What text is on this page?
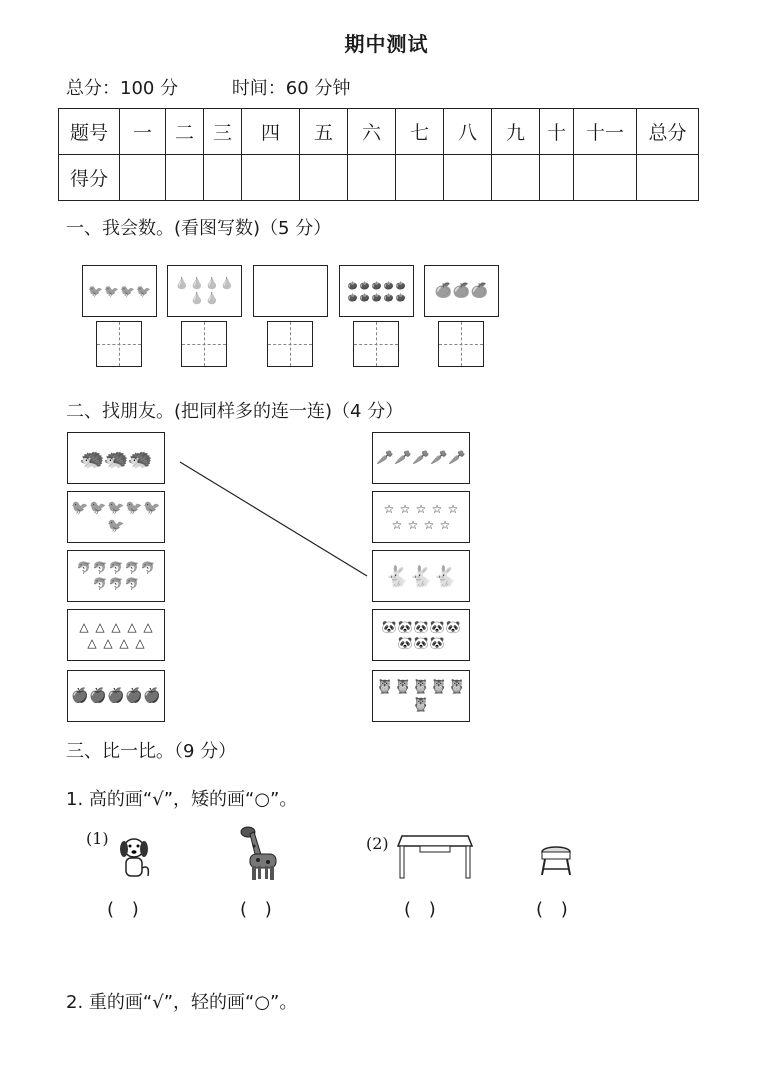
期中测试
总分：100 分	时间：60 分钟
题号	一	二	三	四	五	六	七	八	九	十	十一	总分
得分												
一、我会数。(看图写数)（5 分）
🐦 🐦 🐦 🐦
🍐 🍐 🍐 🍐
🍐 🍐
🍅 🍅 🍅 🍅 🍅
🍅 🍅 🍅 🍅 🍅 🍊 🍊 🍊
二、找朋友。(把同样多的连一连)（4 分）
🦔 🦔 🦔
🐦 🐦 🐦 🐦 🐦
🐦
🐬 🐬 🐬 🐬 🐬
🐬 🐬 🐬
△ △ △ △ △
△ △ △ △
🍎 🍎 🍎 🍎 🍎
🥕 🥕 🥕 🥕 🥕
☆ ☆ ☆ ☆ ☆
☆ ☆ ☆ ☆
🐇 🐇 🐇
🐼 🐼 🐼 🐼 🐼
🐼 🐼 🐼
🦉 🦉 🦉 🦉 🦉
🦉
三、比一比。（9 分）
1. 高的画“√”，矮的画“○”。
(1)	(2)
( )	( )	( )	( )
2. 重的画“√”，轻的画“○”。
